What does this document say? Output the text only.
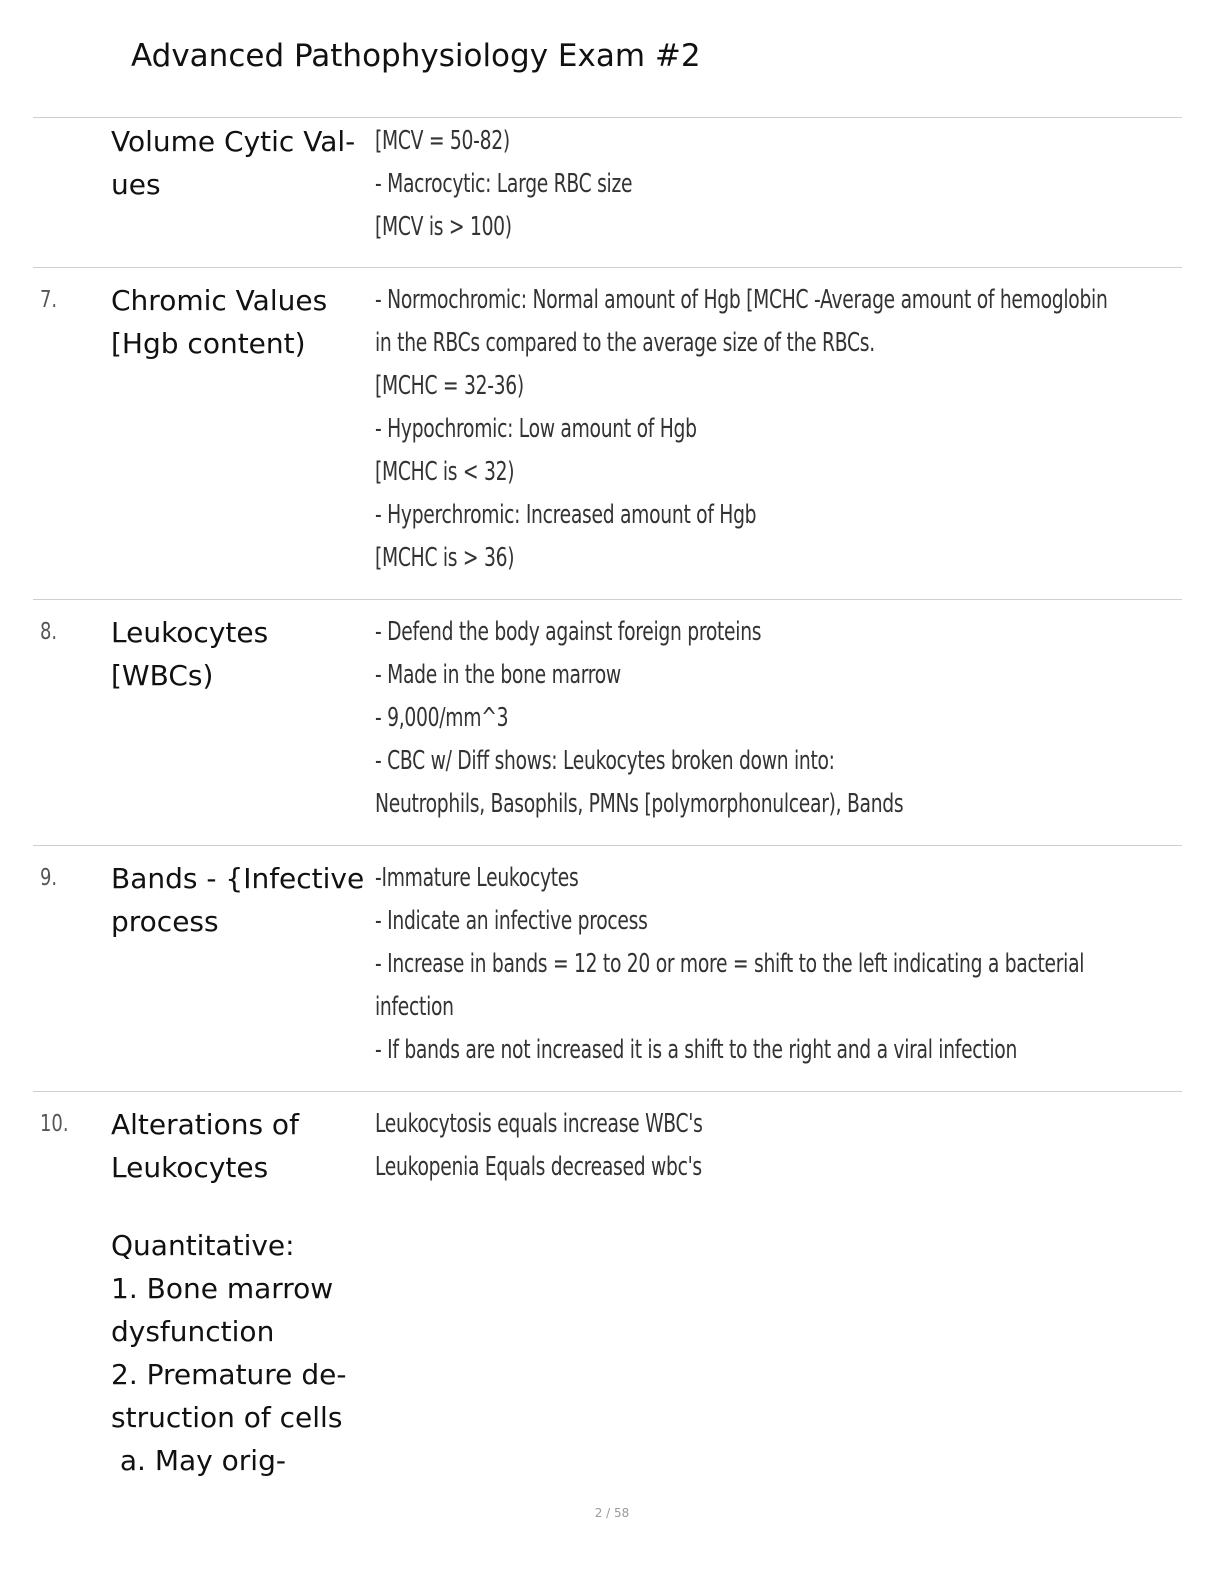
Advanced Pathophysiology Exam #2
Volume Cytic Val-
ues
[MCV = 50-82)
- Macrocytic: Large RBC size
[MCV is > 100)
7. Chromic Values
[Hgb content)
- Normochromic: Normal amount of Hgb [MCHC -Average amount of hemoglobin
in the RBCs compared to the average size of the RBCs.
[MCHC = 32-36)
- Hypochromic: Low amount of Hgb
[MCHC is < 32)
- Hyperchromic: Increased amount of Hgb
[MCHC is > 36)
8. Leukocytes
[WBCs)
- Defend the body against foreign proteins
- Made in the bone marrow
- 9,000/mm^3
- CBC w/ Diff shows: Leukocytes broken down into:
Neutrophils, Basophils, PMNs [polymorphonulcear), Bands
9. Bands - {Infective
process
-Immature Leukocytes
- Indicate an infective process
- Increase in bands = 12 to 20 or more = shift to the left indicating a bacterial
infection
- If bands are not increased it is a shift to the right and a viral infection
10. Alterations of
Leukocytes
Quantitative:
1. Bone marrow
dysfunction
2. Premature de-
struction of cells
a. May orig-
Leukocytosis equals increase WBC's
Leukopenia Equals decreased wbc's
2 / 58
